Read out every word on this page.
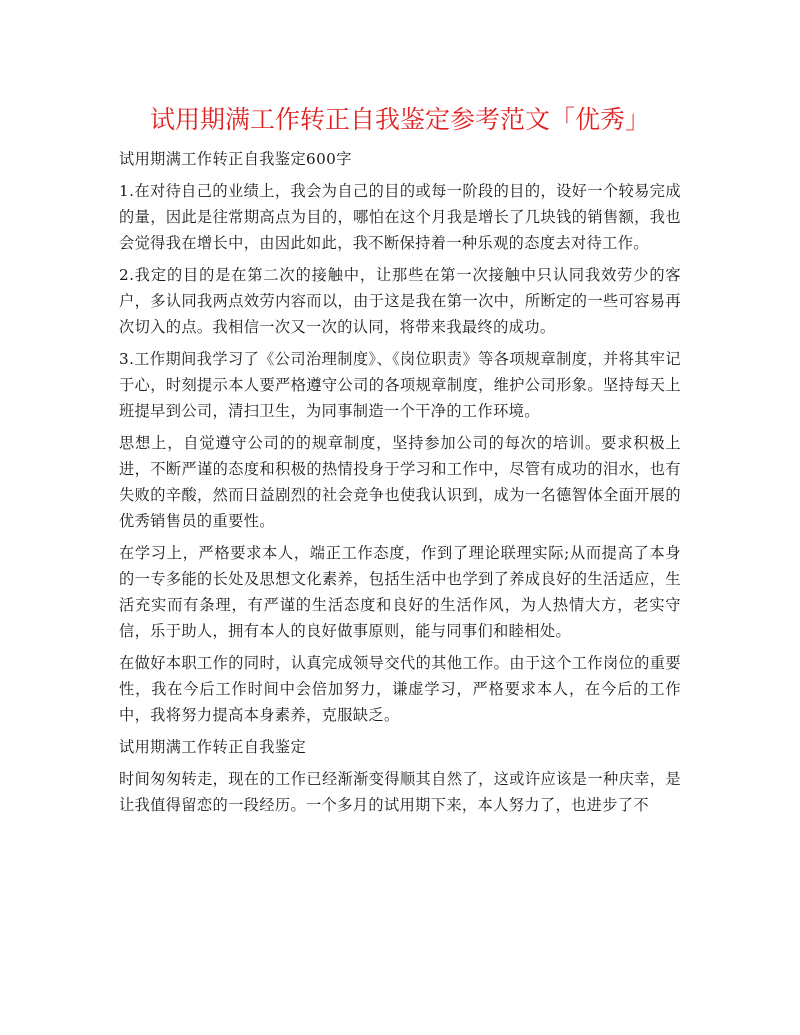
试用期满工作转正自我鉴定参考范文「优秀」

试用期满工作转正自我鉴定600字

1.在对待自己的业绩上，我会为自己的目的或每一阶段的目的，设好一个较易完成的量，因此是往常期高点为目的，哪怕在这个月我是增长了几块钱的销售额，我也会觉得我在增长中，由因此如此，我不断保持着一种乐观的态度去对待工作。

2.我定的目的是在第二次的接触中，让那些在第一次接触中只认同我效劳少的客户，多认同我两点效劳内容而以，由于这是我在第一次中，所断定的一些可容易再次切入的点。我相信一次又一次的认同，将带来我最终的成功。

3.工作期间我学习了《公司治理制度》、《岗位职责》等各项规章制度，并将其牢记于心，时刻提示本人要严格遵守公司的各项规章制度，维护公司形象。坚持每天上班提早到公司，清扫卫生，为同事制造一个干净的工作环境。

思想上，自觉遵守公司的的规章制度，坚持参加公司的每次的培训。要求积极上进，不断严谨的态度和积极的热情投身于学习和工作中，尽管有成功的泪水，也有失败的辛酸，然而日益剧烈的社会竞争也使我认识到，成为一名德智体全面开展的优秀销售员的重要性。

在学习上，严格要求本人，端正工作态度，作到了理论联理实际;从而提高了本身的一专多能的长处及思想文化素养，包括生活中也学到了养成良好的生活适应，生活充实而有条理，有严谨的生活态度和良好的生活作风，为人热情大方，老实守信，乐于助人，拥有本人的良好做事原则，能与同事们和睦相处。

在做好本职工作的同时，认真完成领导交代的其他工作。由于这个工作岗位的重要性，我在今后工作时间中会倍加努力，谦虚学习，严格要求本人，在今后的工作中，我将努力提高本身素养，克服缺乏。

试用期满工作转正自我鉴定

时间匆匆转走，现在的工作已经渐渐变得顺其自然了，这或许应该是一种庆幸，是让我值得留恋的一段经历。一个多月的试用期下来，本人努力了，也进步了不
